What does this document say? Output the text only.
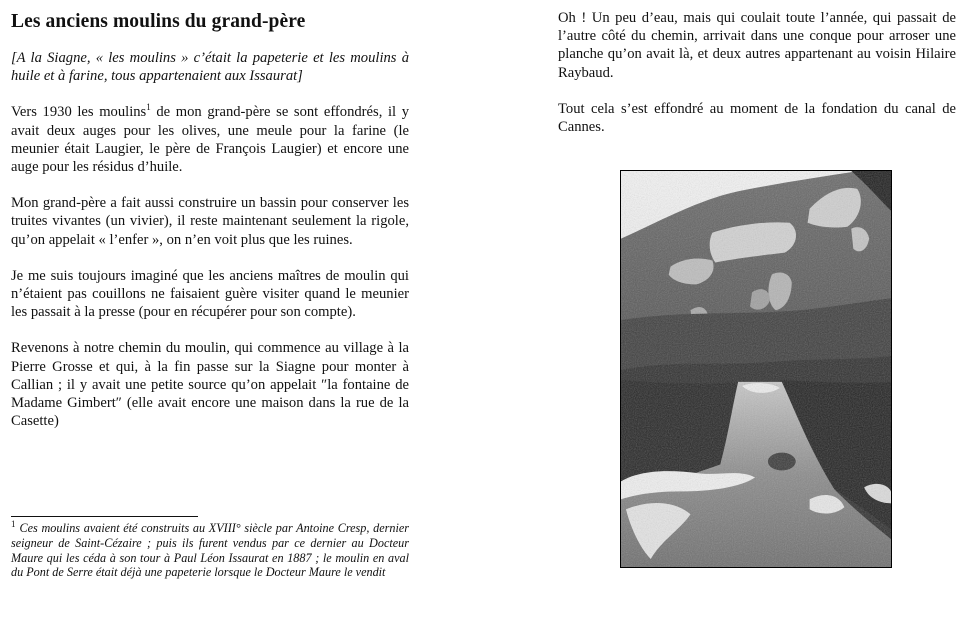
Les anciens moulins du grand-père

[A la Siagne, « les moulins » c’était la papeterie et les moulins à huile et à farine, tous appartenaient aux Issaurat]

Vers 1930 les moulins$^1$ de mon grand-père se sont effondrés, il y avait deux auges pour les olives, une meule pour la farine (le meunier était Laugier, le père de François Laugier) et encore une auge pour les résidus d’huile.

Mon grand-père a fait aussi construire un bassin pour conserver les truites vivantes (un vivier), il reste maintenant seulement la rigole, qu’on appelait « l’enfer », on n’en voit plus que les ruines.

Je me suis toujours imaginé que les anciens maîtres de moulin qui n’étaient pas couillons ne faisaient guère visiter quand le meunier les passait à la presse (pour en récupérer pour son compte).

Revenons à notre chemin du moulin, qui commence au village à la Pierre Grosse et qui, à la fin passe sur la Siagne pour monter à Callian ; il y avait une petite source qu’on appelait ″la fontaine de Madame Gimbert″ (elle avait encore une maison dans la rue de la Casette)

$^1$ Ces moulins avaient été construits au XVIII° siècle par Antoine Cresp, dernier seigneur de Saint-Cézaire ; puis ils furent vendus par ce dernier au Docteur Maure qui les céda à son tour à Paul Léon Issaurat en 1887 ; le moulin en aval du Pont de Serre était déjà une papeterie lorsque le Docteur Maure le vendit

Oh ! Un peu d’eau, mais qui coulait toute l’année, qui passait de l’autre côté du chemin, arrivait dans une conque pour arroser une planche qu’on avait là, et deux autres appartenant au voisin Hilaire Raybaud.

Tout cela s’est effondré au moment de la fondation du canal de Cannes.
